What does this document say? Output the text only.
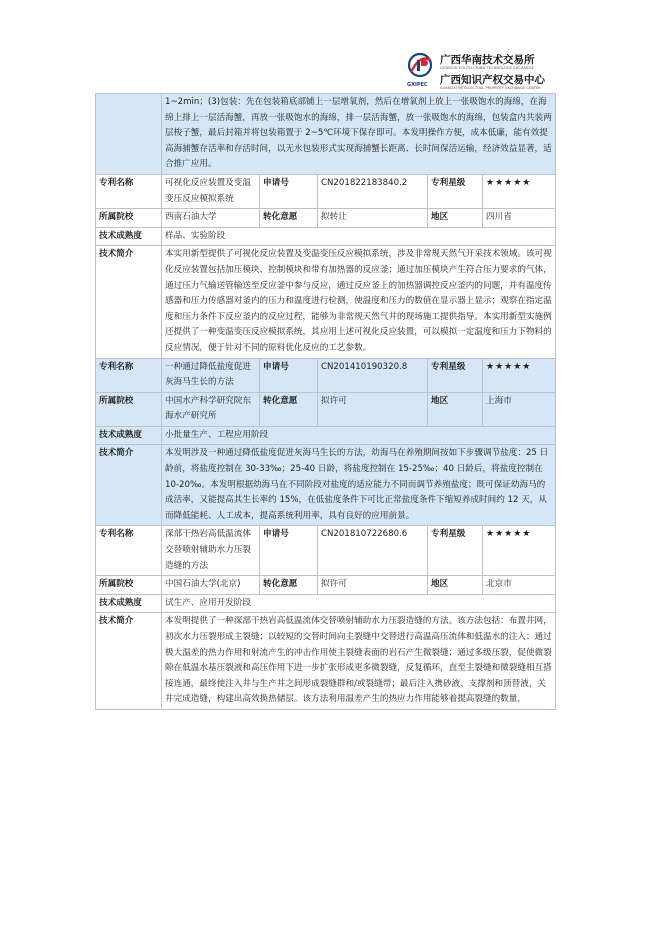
GXIPEC
广西华南技术交易所
GUANGXI SOUTH CHINA TECHNOLOGY EXCHANGE
广西知识产权交易中心
GUANGXI INTELLECTUAL PROPERTY EXCHANGE CENTER
	1~2min；(3)包装：先在包装箱底部铺上一层增氧剂，然后在增氧剂上放上一张吸饱水的海绵，在海绵上排上一层活海蟹，再放一张吸饱水的海绵，排一层活海蟹，放一张吸饱水的海绵，包装盒内共装两层梭子蟹，最后封箱并将包装箱置于 2~5℃环境下保存即可。本发明操作方便，成本低廉，能有效提高海捕蟹存活率和存活时间，以无水包装形式实现海捕蟹长距离、长时间保活运输，经济效益显著，适合推广应用。				
专利名称	可视化反应装置及变温变压反应模拟系统	申请号	CN201822183840.2	专利星级	★★★★★
所属院校	西南石油大学	转化意愿	拟转让	地区	四川省
技术成熟度	样品、实验阶段				
技术简介	本实用新型提供了可视化反应装置及变温变压反应模拟系统，涉及非常规天然气开采技术领域。该可视化反应装置包括加压模块、控制模块和带有加热器的反应釜；通过加压模块产生符合压力要求的气体，通过压力气输送管输送至反应釜中参与反应，通过反应釜上的加热器调控反应釜内的问题，并有温度传感器和压力传感器对釜内的压力和温度进行检测，使温度和压力的数值在显示器上显示；观察在指定温度和压力条件下反应釜内的反应过程，能够为非常规天然气井的现场施工提供指导。本实用新型实施例还提供了一种变温变压反应模拟系统，其应用上述可视化反应装置，可以模拟一定温度和压力下物料的反应情况，便于针对不同的原料优化反应的工艺参数。				
专利名称	一种通过降低盐度促进灰海马生长的方法	申请号	CN201410190320.8	专利星级	★★★★★
所属院校	中国水产科学研究院东海水产研究所	转化意愿	拟许可	地区	上海市
技术成熟度	小批量生产、工程应用阶段				
技术简介	本发明涉及一种通过降低盐度促进灰海马生长的方法，幼海马在养殖期间按如下步骤调节盐度：25 日龄前，将盐度控制在 30-33‰；25-40 日龄，将盐度控制在 15-25‰；40 日龄后，将盐度控制在 10-20‰。本发明根据幼海马在不同阶段对盐度的适应能力不同而调节养殖盐度；既可保证幼海马的成活率，又能提高其生长率约 15%，在低盐度条件下可比正常盐度条件下缩短养成时间约 12 天，从而降低能耗、人工成本，提高系统利用率，具有良好的应用前景。				
专利名称	深部干热岩高低温流体交替喷射辅助水力压裂造缝的方法	申请号	CN201810722680.6	专利星级	★★★★★
所属院校	中国石油大学(北京)	转化意愿	拟许可	地区	北京市
技术成熟度	试生产、应用开发阶段				
技术简介	本发明提供了一种深部干热岩高低温流体交替喷射辅助水力压裂造缝的方法。该方法包括：布置井网，初次水力压裂形成主裂缝；以较短的交替时间向主裂缝中交替进行高温高压流体和低温水的注入；通过极大温差的热力作用和射流产生的冲击作用使主裂缝表面的岩石产生微裂缝；通过多级压裂，促使微裂隙在低温水基压裂液和高压作用下进一步扩张形成更多微裂缝，反复循环，直至主裂缝和微裂缝相互搭接连通，最终使注入井与生产井之间形成裂缝群和/或裂缝带；最后注入携砂液、支撑剂和顶替液，关井完成造缝，构建出高效换热储层。该方法利用温差产生的热应力作用能够着提高裂缝的数量，				
